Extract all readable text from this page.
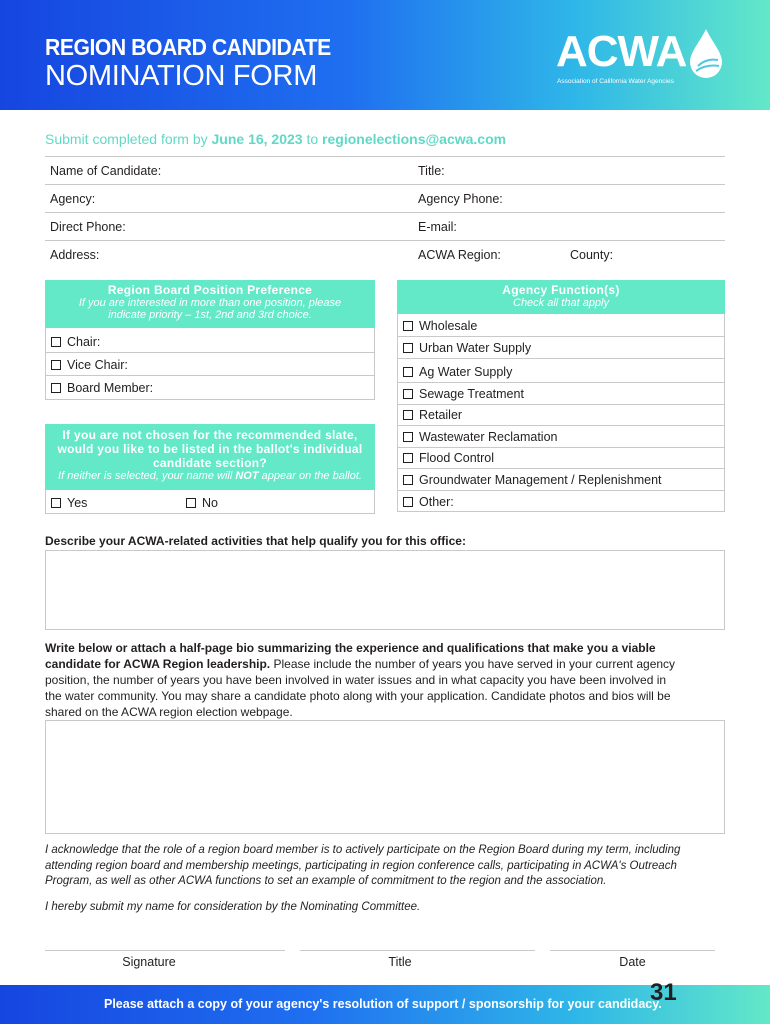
REGION BOARD CANDIDATE
NOMINATION FORM	ACWA
Association of California Water Agencies
Submit completed form by June 16, 2023 to regionelections@acwa.com
Name of Candidate:	Title:
Agency:	Agency Phone:
Direct Phone:	E-mail:
Address:	ACWA Region:	County:
Region Board Position Preference
If you are interested in more than one position, please
indicate priority – 1st, 2nd and 3rd choice.
Chair:
Vice Chair:
Board Member:
If you are not chosen for the recommended slate,
would you like to be listed in the ballot's individual
candidate section?
If neither is selected, your name will NOT appear on the ballot.
Yes	No
Agency Function(s)
Check all that apply
Wholesale
Urban Water Supply
Ag Water Supply
Sewage Treatment
Retailer
Wastewater Reclamation
Flood Control
Groundwater Management / Replenishment
Other:
Describe your ACWA-related activities that help qualify you for this office:
Write below or attach a half-page bio summarizing the experience and qualifications that make you a viable
candidate for ACWA Region leadership. Please include the number of years you have served in your current agency
position, the number of years you have been involved in water issues and in what capacity you have been involved in
the water community. You may share a candidate photo along with your application. Candidate photos and bios will be
shared on the ACWA region election webpage.
I acknowledge that the role of a region board member is to actively participate on the Region Board during my term, including
attending region board and membership meetings, participating in region conference calls, participating in ACWA's Outreach
Program, as well as other ACWA functions to set an example of commitment to the region and the association.
I hereby submit my name for consideration by the Nominating Committee.
Signature	Title	Date
Please attach a copy of your agency's resolution of support / sponsorship for your candidacy.
31
